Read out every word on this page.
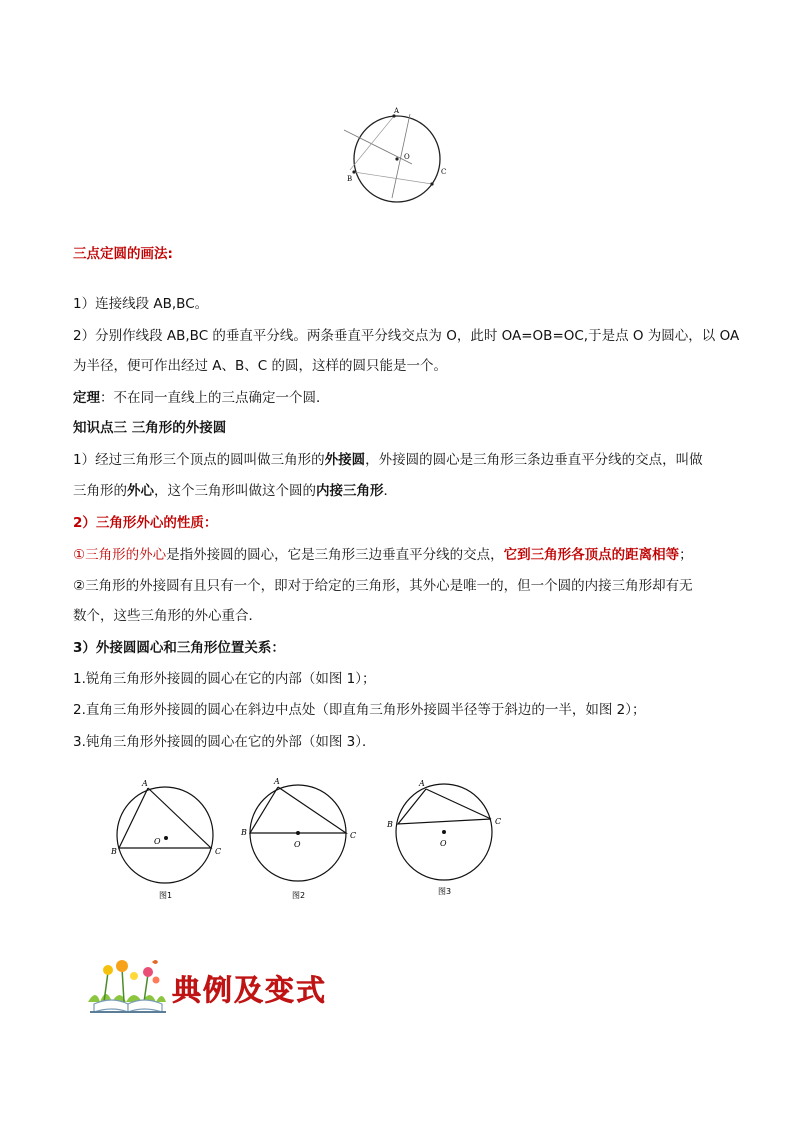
A
B
C
O
三点定圆的画法:
1）连接线段 AB,BC。
2）分别作线段 AB,BC 的垂直平分线。两条垂直平分线交点为 O，此时 OA=OB=OC,于是点 O 为圆心，以 OA
为半径，便可作出经过 A、B、C 的圆，这样的圆只能是一个。
定理：不在同一直线上的三点确定一个圆．
知识点三 三角形的外接圆
1）经过三角形三个顶点的圆叫做三角形的外接圆，外接圆的圆心是三角形三条边垂直平分线的交点，叫做
三角形的外心，这个三角形叫做这个圆的内接三角形．
2）三角形外心的性质：
①三角形的外心是指外接圆的圆心，它是三角形三边垂直平分线的交点，它到三角形各顶点的距离相等；
②三角形的外接圆有且只有一个，即对于给定的三角形，其外心是唯一的，但一个圆的内接三角形却有无
数个，这些三角形的外心重合．
3）外接圆圆心和三角形位置关系：
1.锐角三角形外接圆的圆心在它的内部（如图 1）；
2.直角三角形外接圆的圆心在斜边中点处（即直角三角形外接圆半径等于斜边的一半，如图 2）；
3.钝角三角形外接圆的圆心在它的外部（如图 3）．
A
B	C
O
图1
A
B	C
O
图2
A
B	C
O
图3
典例及变式
